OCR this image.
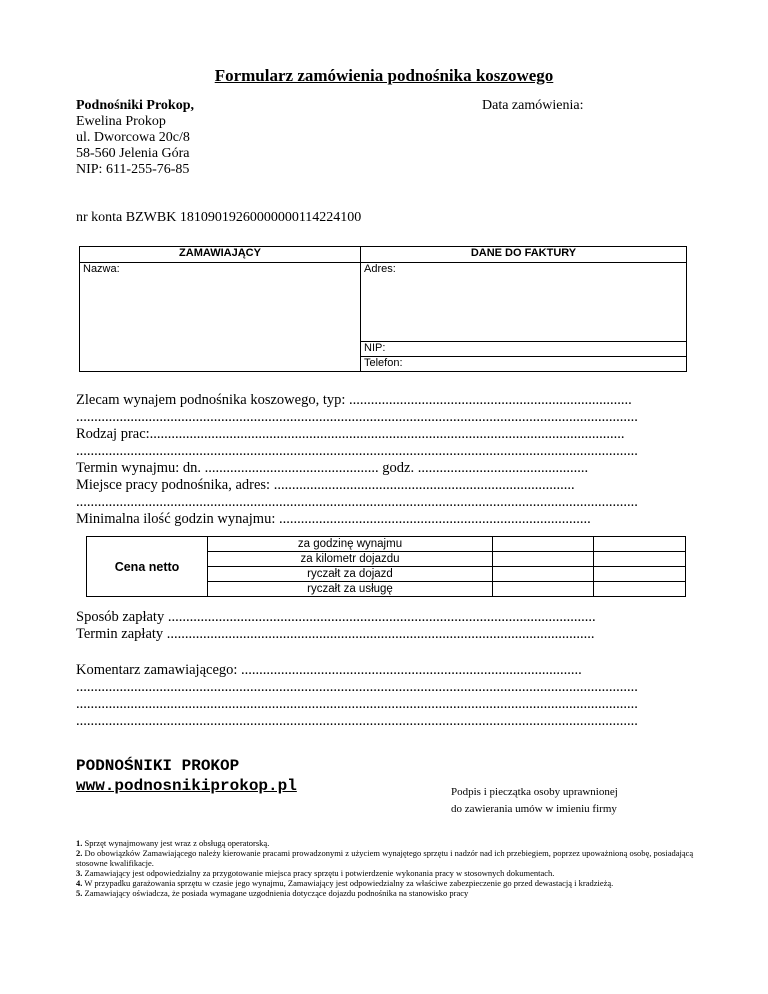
Formularz zamówienia podnośnika koszowego
Podnośniki Prokop,
Ewelina Prokop
ul. Dworcowa 20c/8
58-560 Jelenia Góra
NIP: 611-255-76-85
Data zamówienia:
nr konta BZWBK 18109019260000000114224100
ZAMAWIAJĄCY	DANE DO FAKTURY
Nazwa:	Adres:
	NIP:
	Telefon:
Zlecam wynajem podnośnika koszowego, typ: ..............................................................................
...........................................................................................................................................................
Rodzaj prac:...................................................................................................................................
...........................................................................................................................................................
Termin wynajmu: dn. ................................................ godz. ...............................................
Miejsce pracy podnośnika, adres: ...................................................................................
...........................................................................................................................................................
Minimalna ilość godzin wynajmu: ......................................................................................
Cena netto	za godzinę wynajmu		
	za kilometr dojazdu		
	ryczałt za dojazd		
	ryczałt za usługę		
Sposób zapłaty ......................................................................................................................
Termin zapłaty ......................................................................................................................
Komentarz zamawiającego: ..............................................................................................
...........................................................................................................................................................
...........................................................................................................................................................
...........................................................................................................................................................
PODNOŚNIKI PROKOP
www.podnosnikiprokop.pl	Podpis i pieczątka osoby uprawnionej
do zawierania umów w imieniu firmy
1. Sprzęt wynajmowany jest wraz z obsługą operatorską.
2. Do obowiązków Zamawiającego należy kierowanie pracami prowadzonymi z użyciem wynajętego sprzętu i nadzór nad ich przebiegiem, poprzez upoważnioną osobę, posiadającą stosowne kwalifikacje.
3. Zamawiający jest odpowiedzialny za przygotowanie miejsca pracy sprzętu i potwierdzenie wykonania pracy w stosownych dokumentach.
4. W przypadku garażowania sprzętu w czasie jego wynajmu, Zamawiający jest odpowiedzialny za właściwe zabezpieczenie go przed dewastacją i kradzieżą.
5. Zamawiający oświadcza, że posiada wymagane uzgodnienia dotyczące dojazdu podnośnika na stanowisko pracy
